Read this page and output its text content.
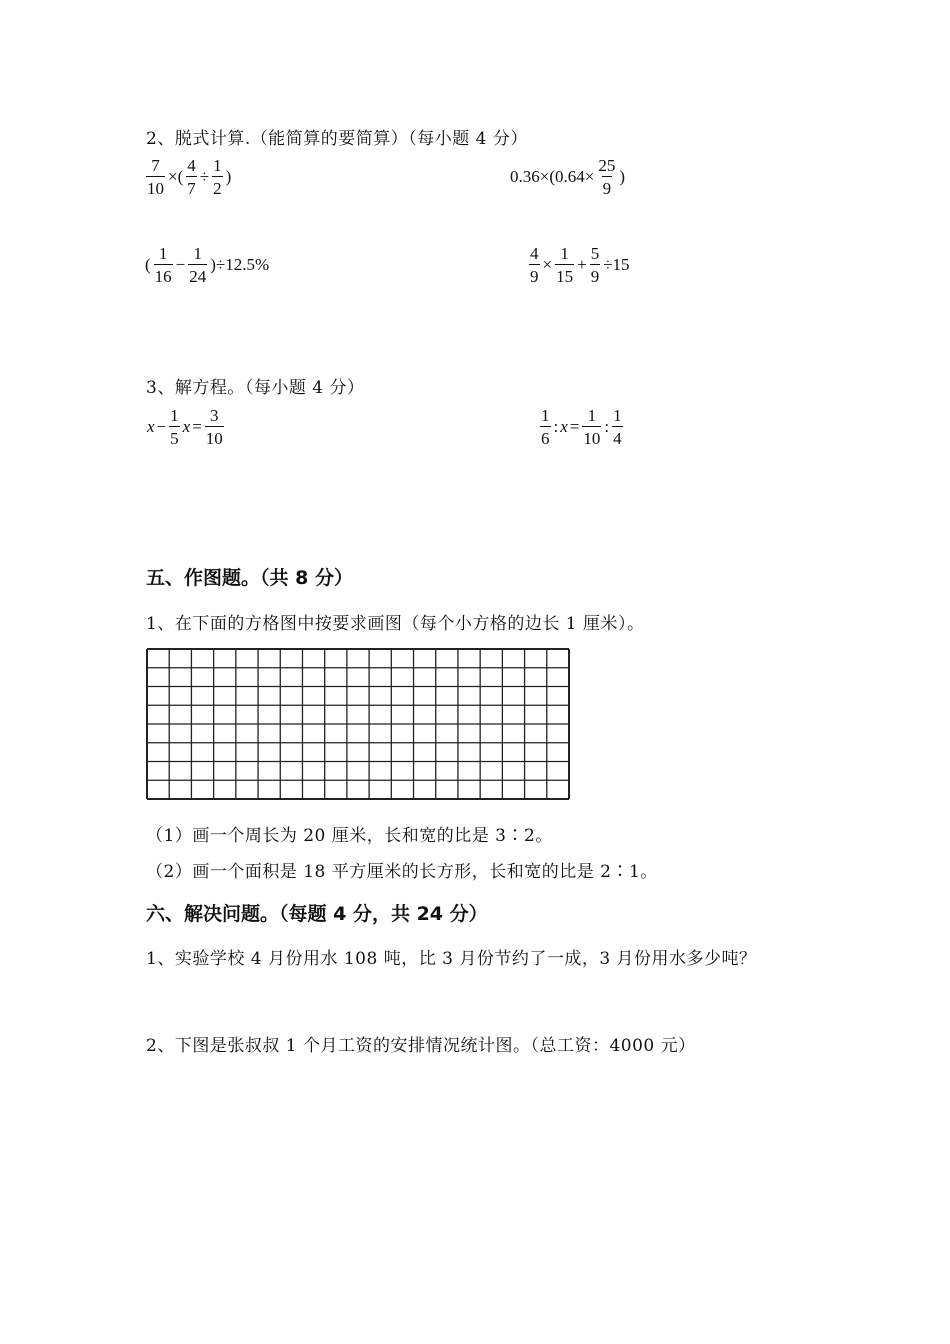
2、脱式计算.（能简算的要简算）（每小题 4 分）
$\frac{7}{10}$ ×( $\frac{4}{7} \div \frac{1}{2}$ )	$0.36\times(0.64\times \frac{25}{9}$ )
( $\frac{1}{16} - \frac{1}{24} )\div 12.5\%$	$\frac{4}{9} \times \frac{1}{15} + \frac{5}{9} \div 15$
3、解方程。（每小题 4 分）
$x - \frac{1}{5}$ $x = \frac{3}{10}$	$\frac{1}{6}$ : $x = \frac{1}{10}$ : $\frac{1}{4}$
五、作图题。（共 8 分）
1、在下面的方格图中按要求画图（每个小方格的边长 1 厘米）。
（1）画一个周长为 20 厘米，长和宽的比是 3∶2。
（2）画一个面积是 18 平方厘米的长方形，长和宽的比是 2∶1。
六、解决问题。（每题 4 分，共 24 分）
1、实验学校 4 月份用水 108 吨，比 3 月份节约了一成，3 月份用水多少吨？
2、下图是张叔叔 1 个月工资的安排情况统计图。（总工资：4000 元）
